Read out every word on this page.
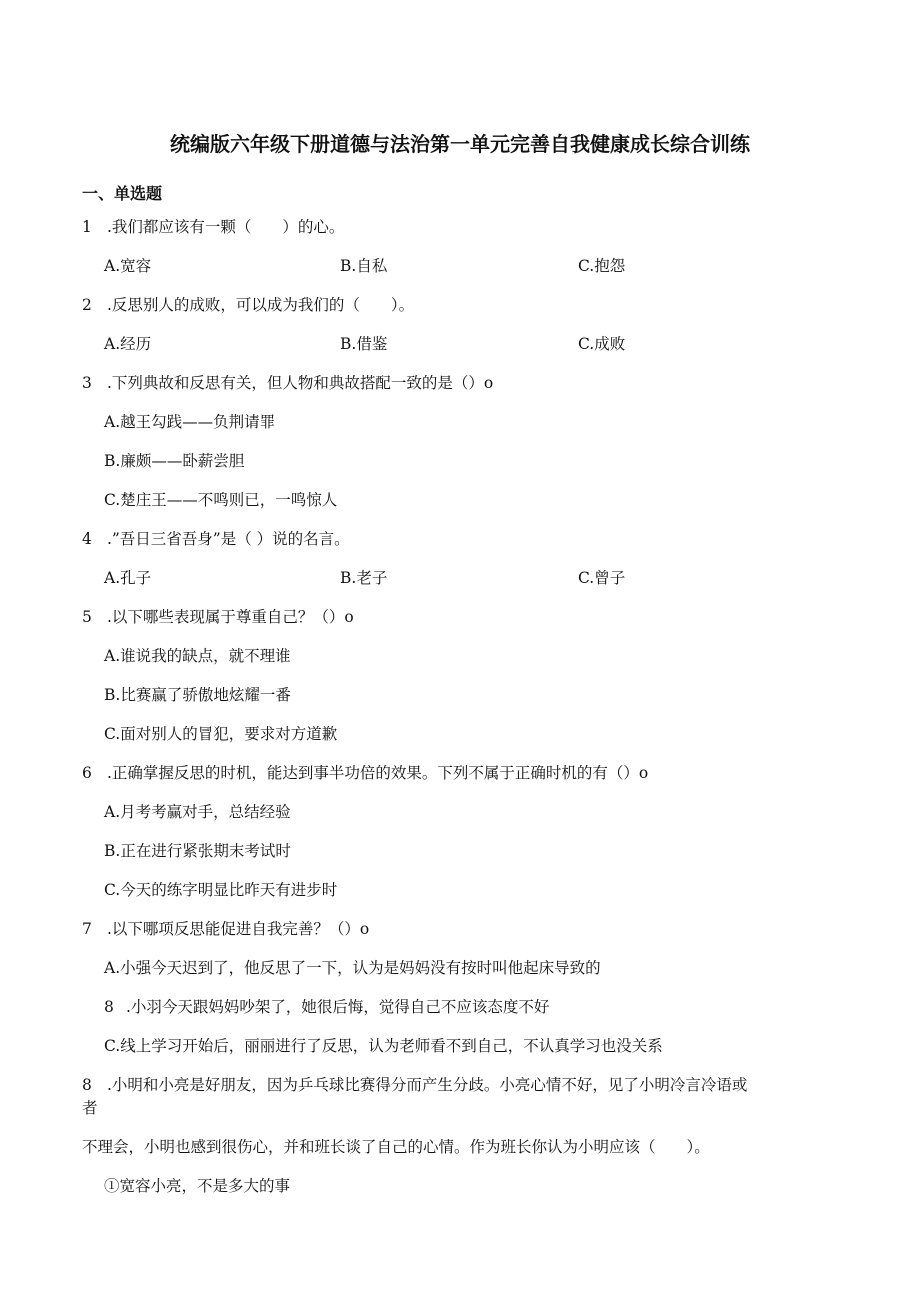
统编版六年级下册道德与法治第一单元完善自我健康成长综合训练
一、单选题
1 .我们都应该有一颗（　　）的心。
A.宽容	B.自私	C.抱怨
2 .反思别人的成败，可以成为我们的（　　）。
A.经历	B.借鉴	C.成败
3 .下列典故和反思有关，但人物和典故搭配一致的是（）o
A.越王勾践——负荆请罪
B.廉颇——卧薪尝胆
C.楚庄王——不鸣则已，一鸣惊人
4 .”吾日三省吾身”是（ ）说的名言。
A.孔子	B.老子	C.曾子
5 .以下哪些表现属于尊重自己？（）o
A.谁说我的缺点，就不理谁
B.比赛赢了骄傲地炫耀一番
C.面对别人的冒犯，要求对方道歉
6 .正确掌握反思的时机，能达到事半功倍的效果。下列不属于正确时机的有（）o
A.月考考赢对手，总结经验
B.正在进行紧张期末考试时
C.今天的练字明显比昨天有进步时
7 .以下哪项反思能促进自我完善？（）o
A.小强今天迟到了，他反思了一下，认为是妈妈没有按时叫他起床导致的
8 .小羽今天跟妈妈吵架了，她很后悔，觉得自己不应该态度不好
C.线上学习开始后，丽丽进行了反思，认为老师看不到自己，不认真学习也没关系
8 .小明和小亮是好朋友，因为乒乓球比赛得分而产生分歧。小亮心情不好，见了小明冷言冷语或
者
不理会，小明也感到很伤心，并和班长谈了自己的心情。作为班长你认为小明应该（　　）。
①宽容小亮，不是多大的事
